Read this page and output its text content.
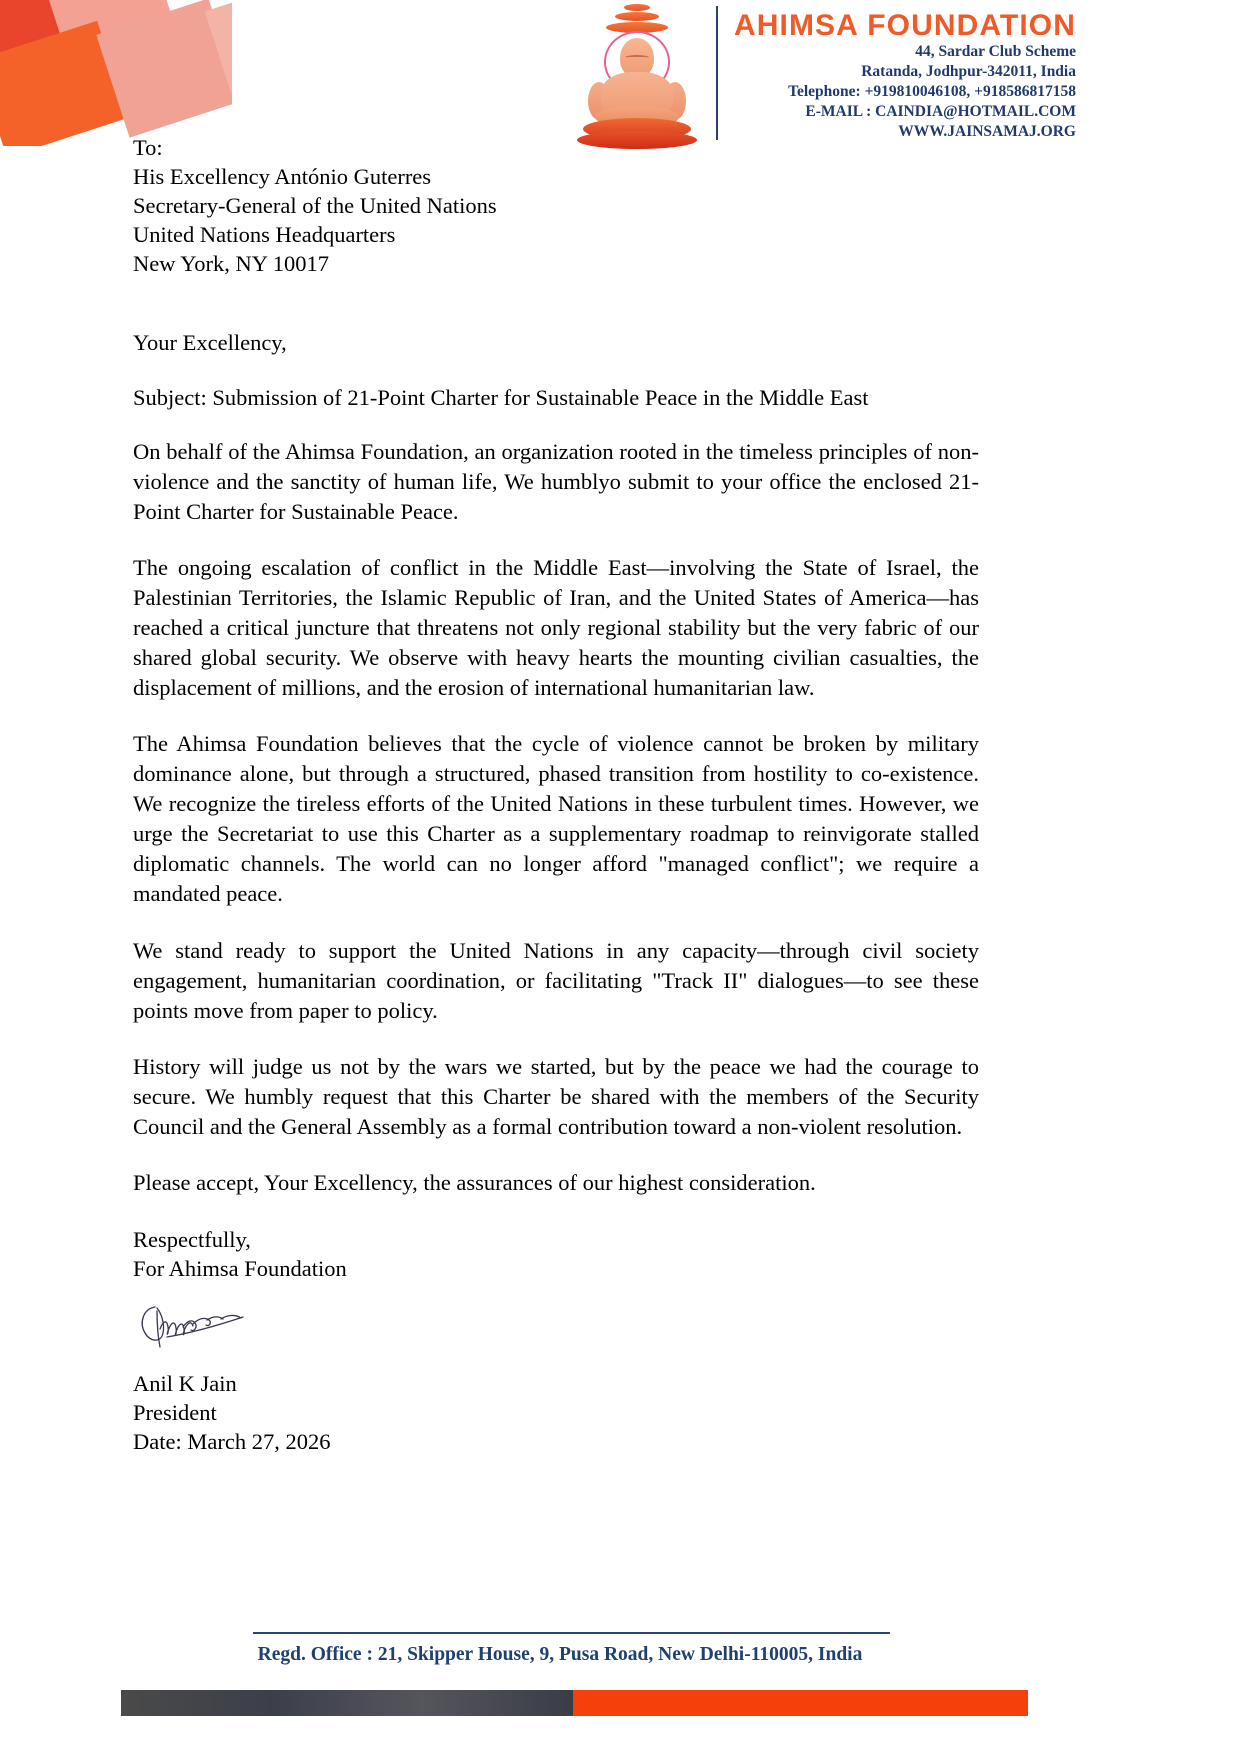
AHIMSA FOUNDATION
44, Sardar Club Scheme
Ratanda, Jodhpur-342011, India
Telephone: +919810046108, +918586817158
E-MAIL : CAINDIA@HOTMAIL.COM
WWW.JAINSAMAJ.ORG
To:
His Excellency António Guterres
Secretary-General of the United Nations
United Nations Headquarters
New York, NY 10017
Your Excellency,
Subject: Submission of 21-Point Charter for Sustainable Peace in the Middle East

On behalf of the Ahimsa Foundation, an organization rooted in the timeless principles of non-violence and the sanctity of human life, We humblyo submit to your office the enclosed 21-Point Charter for Sustainable Peace.

The ongoing escalation of conflict in the Middle East—involving the State of Israel, the Palestinian Territories, the Islamic Republic of Iran, and the United States of America—has reached a critical juncture that threatens not only regional stability but the very fabric of our shared global security. We observe with heavy hearts the mounting civilian casualties, the displacement of millions, and the erosion of international humanitarian law.

The Ahimsa Foundation believes that the cycle of violence cannot be broken by military dominance alone, but through a structured, phased transition from hostility to co-existence. We recognize the tireless efforts of the United Nations in these turbulent times. However, we urge the Secretariat to use this Charter as a supplementary roadmap to reinvigorate stalled diplomatic channels. The world can no longer afford "managed conflict"; we require a mandated peace.

We stand ready to support the United Nations in any capacity—through civil society engagement, humanitarian coordination, or facilitating "Track II" dialogues—to see these points move from paper to policy.

History will judge us not by the wars we started, but by the peace we had the courage to secure. We humbly request that this Charter be shared with the members of the Security Council and the General Assembly as a formal contribution toward a non-violent resolution.

Please accept, Your Excellency, the assurances of our highest consideration.

Respectfully,
For Ahimsa Foundation
Anil K Jain
President
Date: March 27, 2026
Regd. Office : 21, Skipper House, 9, Pusa Road, New Delhi-110005, India
